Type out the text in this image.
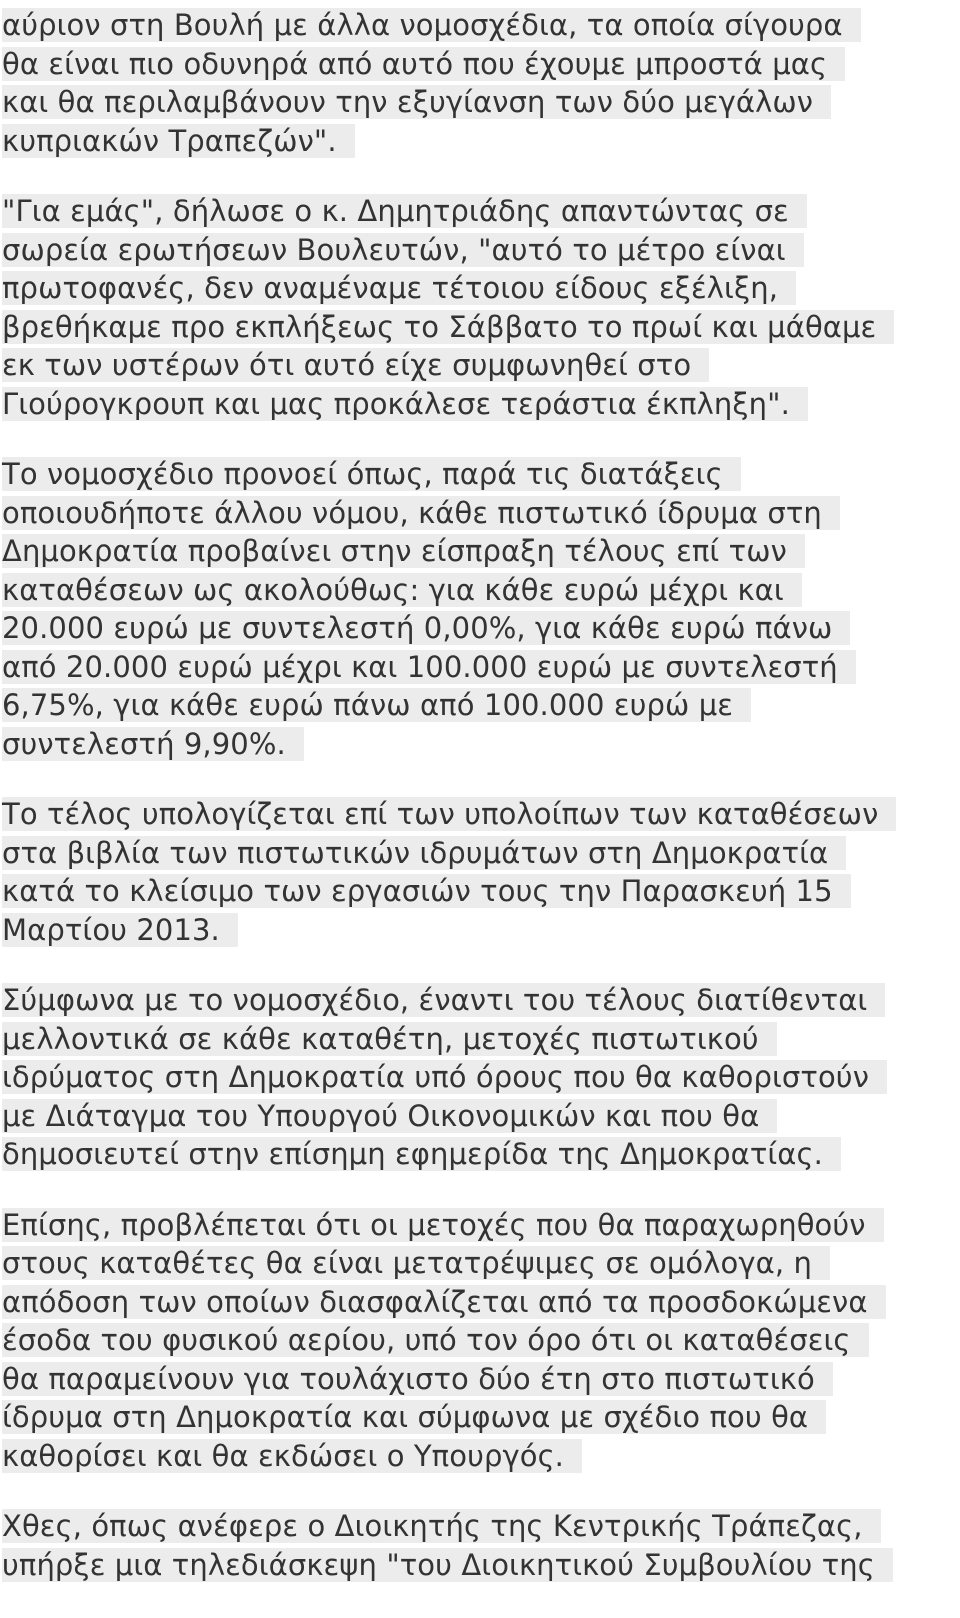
αύριον στη Βουλή με άλλα νομοσχέδια, τα οποία σίγουρα
θα είναι πιο οδυνηρά από αυτό που έχουμε μπροστά μας
και θα περιλαμβάνουν την εξυγίανση των δύο μεγάλων
κυπριακών Τραπεζών".
"Για εμάς", δήλωσε ο κ. Δημητριάδης απαντώντας σε
σωρεία ερωτήσεων Βουλευτών, "αυτό το μέτρο είναι
πρωτοφανές, δεν αναμέναμε τέτοιου είδους εξέλιξη,
βρεθήκαμε προ εκπλήξεως το Σάββατο το πρωί και μάθαμε
εκ των υστέρων ότι αυτό είχε συμφωνηθεί στο
Γιούρογκρουπ και μας προκάλεσε τεράστια έκπληξη".
Το νομοσχέδιο προνοεί όπως, παρά τις διατάξεις
οποιουδήποτε άλλου νόμου, κάθε πιστωτικό ίδρυμα στη
Δημοκρατία προβαίνει στην είσπραξη τέλους επί των
καταθέσεων ως ακολούθως: για κάθε ευρώ μέχρι και
20.000 ευρώ με συντελεστή 0,00%, για κάθε ευρώ πάνω
από 20.000 ευρώ μέχρι και 100.000 ευρώ με συντελεστή
6,75%, για κάθε ευρώ πάνω από 100.000 ευρώ με
συντελεστή 9,90%.
Το τέλος υπολογίζεται επί των υπολοίπων των καταθέσεων
στα βιβλία των πιστωτικών ιδρυμάτων στη Δημοκρατία
κατά το κλείσιμο των εργασιών τους την Παρασκευή 15
Μαρτίου 2013.
Σύμφωνα με το νομοσχέδιο, έναντι του τέλους διατίθενται
μελλοντικά σε κάθε καταθέτη, μετοχές πιστωτικού
ιδρύματος στη Δημοκρατία υπό όρους που θα καθοριστούν
με Διάταγμα του Υπουργού Οικονομικών και που θα
δημοσιευτεί στην επίσημη εφημερίδα της Δημοκρατίας.
Επίσης, προβλέπεται ότι οι μετοχές που θα παραχωρηθούν
στους καταθέτες θα είναι μετατρέψιμες σε ομόλογα, η
απόδοση των οποίων διασφαλίζεται από τα προσδοκώμενα
έσοδα του φυσικού αερίου, υπό τον όρο ότι οι καταθέσεις
θα παραμείνουν για τουλάχιστο δύο έτη στο πιστωτικό
ίδρυμα στη Δημοκρατία και σύμφωνα με σχέδιο που θα
καθορίσει και θα εκδώσει ο Υπουργός.
Χθες, όπως ανέφερε ο Διοικητής της Κεντρικής Τράπεζας,
υπήρξε μια τηλεδιάσκεψη "του Διοικητικού Συμβουλίου της
